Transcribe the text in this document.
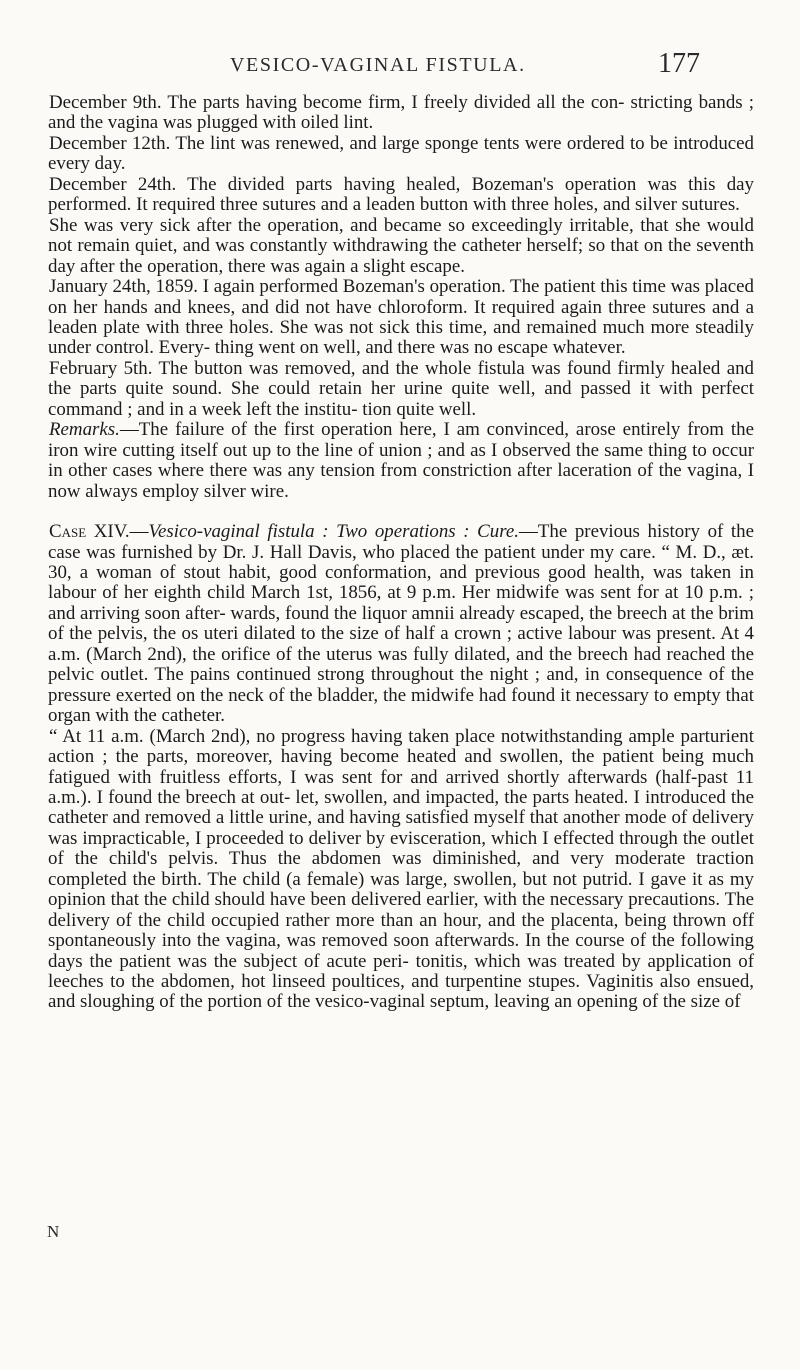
VESICO-VAGINAL FISTULA.	177

December 9th. The parts having become firm, I freely divided all the con- stricting bands ; and the vagina was plugged with oiled lint.

December 12th. The lint was renewed, and large sponge tents were ordered to be introduced every day.

December 24th. The divided parts having healed, Bozeman's operation was this day performed. It required three sutures and a leaden button with three holes, and silver sutures.

She was very sick after the operation, and became so exceedingly irritable, that she would not remain quiet, and was constantly withdrawing the catheter herself; so that on the seventh day after the operation, there was again a slight escape.

January 24th, 1859. I again performed Bozeman's operation. The patient this time was placed on her hands and knees, and did not have chloroform. It required again three sutures and a leaden plate with three holes. She was not sick this time, and remained much more steadily under control. Every- thing went on well, and there was no escape whatever.

February 5th. The button was removed, and the whole fistula was found firmly healed and the parts quite sound. She could retain her urine quite well, and passed it with perfect command ; and in a week left the institu- tion quite well.

Remarks.—The failure of the first operation here, I am convinced, arose entirely from the iron wire cutting itself out up to the line of union ; and as I observed the same thing to occur in other cases where there was any tension from constriction after laceration of the vagina, I now always employ silver wire.

Case XIV.—Vesico-vaginal fistula : Two operations : Cure.—The previous history of the case was furnished by Dr. J. Hall Davis, who placed the patient under my care. “ M. D., æt. 30, a woman of stout habit, good conformation, and previous good health, was taken in labour of her eighth child March 1st, 1856, at 9 p.m. Her midwife was sent for at 10 p.m. ; and arriving soon after- wards, found the liquor amnii already escaped, the breech at the brim of the pelvis, the os uteri dilated to the size of half a crown ; active labour was present. At 4 a.m. (March 2nd), the orifice of the uterus was fully dilated, and the breech had reached the pelvic outlet. The pains continued strong throughout the night ; and, in consequence of the pressure exerted on the neck of the bladder, the midwife had found it necessary to empty that organ with the catheter.

“ At 11 a.m. (March 2nd), no progress having taken place notwithstanding ample parturient action ; the parts, moreover, having become heated and swollen, the patient being much fatigued with fruitless efforts, I was sent for and arrived shortly afterwards (half-past 11 a.m.). I found the breech at out- let, swollen, and impacted, the parts heated. I introduced the catheter and removed a little urine, and having satisfied myself that another mode of delivery was impracticable, I proceeded to deliver by evisceration, which I effected through the outlet of the child's pelvis. Thus the abdomen was diminished, and very moderate traction completed the birth. The child (a female) was large, swollen, but not putrid. I gave it as my opinion that the child should have been delivered earlier, with the necessary precautions. The delivery of the child occupied rather more than an hour, and the placenta, being thrown off spontaneously into the vagina, was removed soon afterwards. In the course of the following days the patient was the subject of acute peri- tonitis, which was treated by application of leeches to the abdomen, hot linseed poultices, and turpentine stupes. Vaginitis also ensued, and sloughing of the portion of the vesico-vaginal septum, leaving an opening of the size of

N
